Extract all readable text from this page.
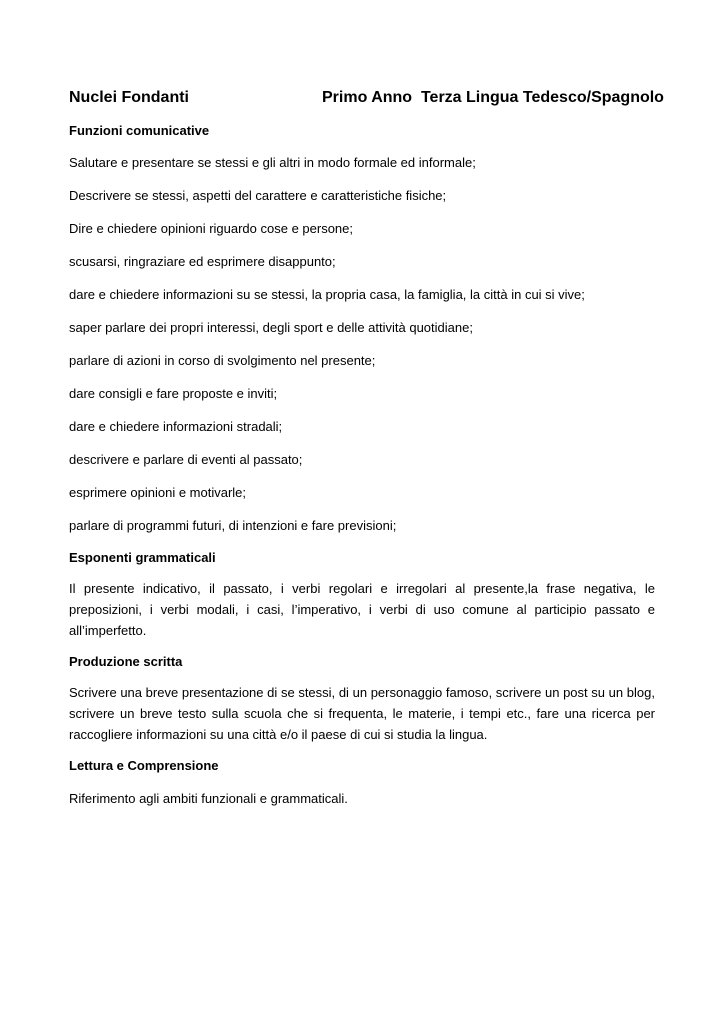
Nuclei Fondanti	Primo Anno  Terza Lingua Tedesco/Spagnolo

Funzioni comunicative

Salutare e presentare se stessi e gli altri in modo formale ed informale;

Descrivere se stessi, aspetti del carattere e caratteristiche fisiche;

Dire e chiedere opinioni riguardo cose e persone;

scusarsi, ringraziare ed esprimere disappunto;

dare e chiedere informazioni su se stessi, la propria casa, la famiglia, la città in cui si vive;

saper parlare dei propri interessi, degli sport e delle attività quotidiane;

parlare di azioni in corso di svolgimento nel presente;

dare consigli e fare proposte e inviti;

dare e chiedere informazioni stradali;

descrivere e parlare di eventi al passato;

esprimere opinioni e motivarle;

parlare di programmi futuri, di intenzioni e fare previsioni;

Esponenti grammaticali

Il presente indicativo, il passato, i verbi regolari e irregolari al presente,la frase negativa, le preposizioni, i verbi modali, i casi, l’imperativo, i verbi di uso comune al participio passato e all’imperfetto.

Produzione scritta

Scrivere una breve presentazione di se stessi, di un personaggio famoso, scrivere un post su un blog, scrivere un breve testo sulla scuola che si frequenta, le materie, i tempi etc., fare una ricerca per raccogliere informazioni su una città e/o il paese di cui si studia la lingua.

Lettura e Comprensione

Riferimento agli ambiti funzionali e grammaticali.
